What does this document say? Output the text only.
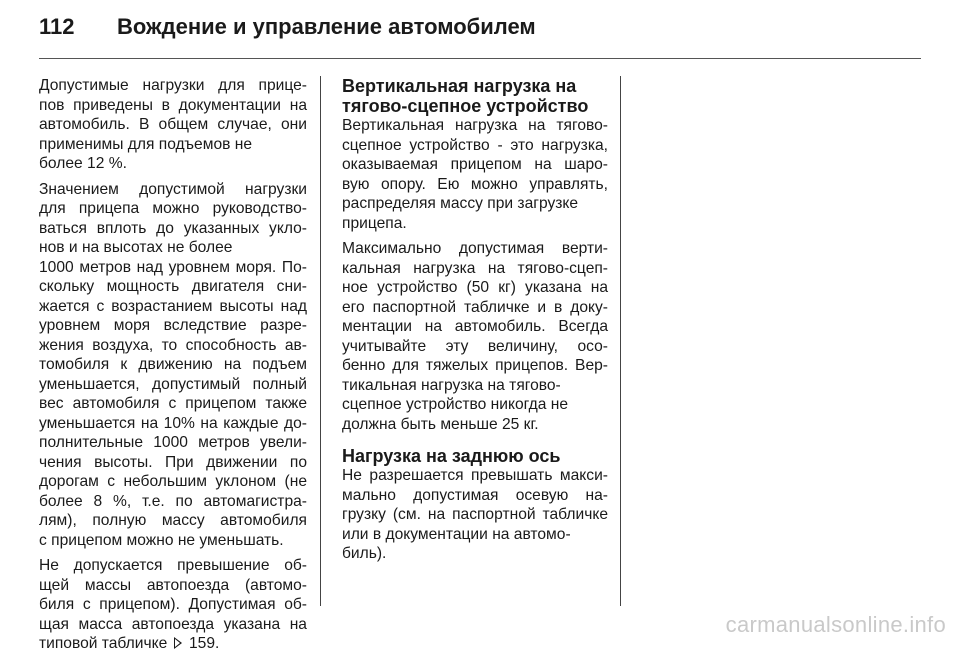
112	Вождение и управление автомобилем
Допустимые нагрузки для прице-
пов приведены в документации на
автомобиль. В общем случае, они
применимы для подъемов не
более 12 %.
Значением допустимой нагрузки
для прицепа можно руководство-
ваться вплоть до указанных укло-
нов и на высотах не более
1000 метров над уровнем моря. По-
скольку мощность двигателя сни-
жается с возрастанием высоты над
уровнем моря вследствие разре-
жения воздуха, то способность ав-
томобиля к движению на подъем
уменьшается, допустимый полный
вес автомобиля с прицепом также
уменьшается на 10% на каждые до-
полнительные 1000 метров увели-
чения высоты. При движении по
дорогам с небольшим уклоном (не
более 8 %, т.е. по автомагистра-
лям), полную массу автомобиля
с прицепом можно не уменьшать.
Не допускается превышение об-
щей массы автопоезда (автомо-
биля с прицепом). Допустимая об-
щая масса автопоезда указана на
типовой табличке 159.
Вертикальная нагрузка на
тягово-сцепное устройство
Вертикальная нагрузка на тягово-
сцепное устройство - это нагрузка,
оказываемая прицепом на шаро-
вую опору. Ею можно управлять,
распределяя массу при загрузке
прицепа.
Максимально допустимая верти-
кальная нагрузка на тягово-сцеп-
ное устройство (50 кг) указана на
его паспортной табличке и в доку-
ментации на автомобиль. Всегда
учитывайте эту величину, осо-
бенно для тяжелых прицепов. Вер-
тикальная нагрузка на тягово-
сцепное устройство никогда не
должна быть меньше 25 кг.
Нагрузка на заднюю ось
Не разрешается превышать макси-
мально допустимая осевую на-
грузку (см. на паспортной табличке
или в документации на автомо-
биль).
carmanualsonline.info
